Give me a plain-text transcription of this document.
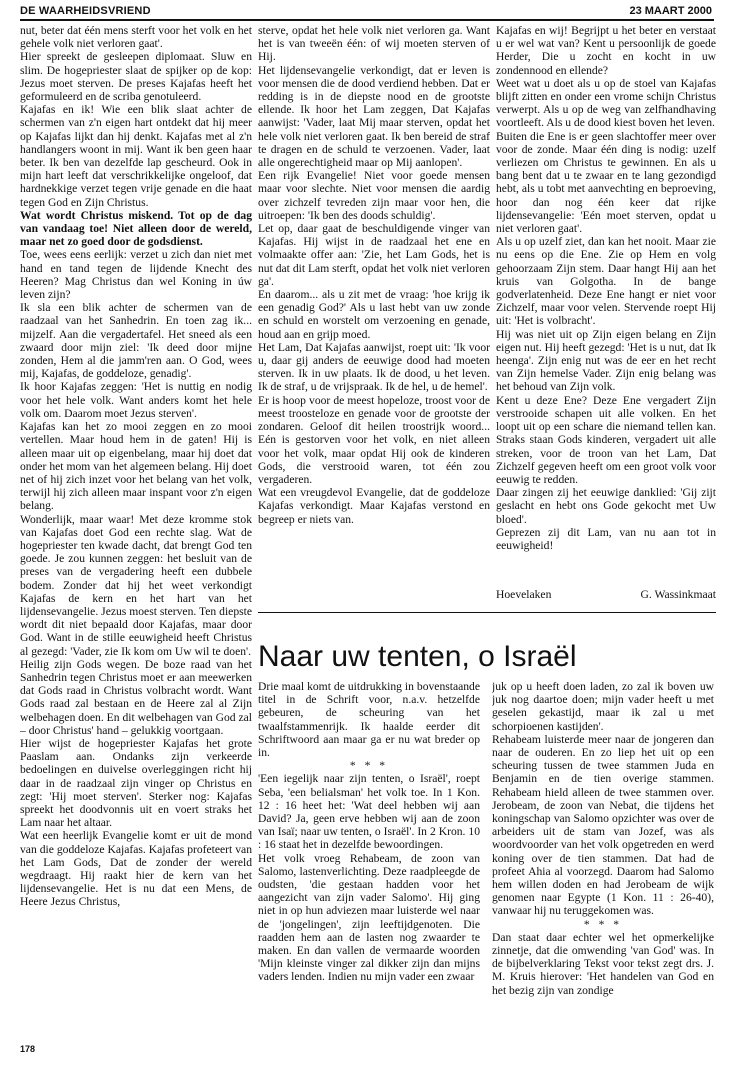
DE WAARHEIDSVRIEND	23 MAART 2000

nut, beter dat één mens sterft voor het volk en het gehele volk niet verloren gaat'.

Hier spreekt de gesleepen diplomaat. Sluw en slim. De hogepriester slaat de spijker op de kop: Jezus moet sterven. De preses Kajafas heeft het geformuleerd en de scriba genotuleerd.

Kajafas en ik! Wie een blik slaat achter de schermen van z'n eigen hart ontdekt dat hij meer op Kajafas lijkt dan hij denkt. Kajafas met al z'n handlangers woont in mij. Want ik ben geen haar beter. Ik ben van dezelfde lap gescheurd. Ook in mijn hart leeft dat verschrikkelijke ongeloof, dat hardnekkige verzet tegen vrije genade en die haat tegen God en Zijn Christus.

Wat wordt Christus miskend. Tot op de dag van vandaag toe! Niet alleen door de wereld, maar net zo goed door de godsdienst.

Toe, wees eens eerlijk: verzet u zich dan niet met hand en tand tegen de lijdende Knecht des Heeren? Mag Christus dan wel Koning in úw leven zijn?

Ik sla een blik achter de schermen van de raadzaal van het Sanhedrin. En toen zag ik... mijzelf. Aan die vergadertafel. Het sneed als een zwaard door mijn ziel: 'Ik deed door mijne zonden, Hem al die jamm'ren aan. O God, wees mij, Kajafas, de goddeloze, genadig'.

Ik hoor Kajafas zeggen: 'Het is nuttig en nodig voor het hele volk. Want anders komt het hele volk om. Daarom moet Jezus sterven'.

Kajafas kan het zo mooi zeggen en zo mooi vertellen. Maar houd hem in de gaten! Hij is alleen maar uit op eigenbelang, maar hij doet dat onder het mom van het algemeen belang. Hij doet net of hij zich inzet voor het belang van het volk, terwijl hij zich alleen maar inspant voor z'n eigen belang.

Wonderlijk, maar waar! Met deze kromme stok van Kajafas doet God een rechte slag. Wat de hogepriester ten kwade dacht, dat brengt God ten goede. Je zou kunnen zeggen: het besluit van de preses van de vergadering heeft een dubbele bodem. Zonder dat hij het weet verkondigt Kajafas de kern en het hart van het lijdensevangelie. Jezus moest sterven. Ten diepste wordt dit niet bepaald door Kajafas, maar door God. Want in de stille eeuwigheid heeft Christus al gezegd: 'Vader, zie Ik kom om Uw wil te doen'.

Heilig zijn Gods wegen. De boze raad van het Sanhedrin tegen Christus moet er aan meewerken dat Gods raad in Christus volbracht wordt. Want Gods raad zal bestaan en de Heere zal al Zijn welbehagen doen. En dit welbehagen van God zal – door Christus' hand – gelukkig voortgaan.

Hier wijst de hogepriester Kajafas het grote Paaslam aan. Ondanks zijn verkeerde bedoelingen en duivelse overleggingen richt hij daar in de raadzaal zijn vinger op Christus en zegt: 'Hij moet sterven'. Sterker nog: Kajafas spreekt het doodvonnis uit en voert straks het Lam naar het altaar.

Wat een heerlijk Evangelie komt er uit de mond van die goddeloze Kajafas. Kajafas profeteert van het Lam Gods, Dat de zonder der wereld wegdraagt. Hij raakt hier de kern van het lijdensevangelie. Het is nu dat een Mens, de Heere Jezus Christus,

sterve, opdat het hele volk niet verloren ga. Want het is van tweeën één: of wij moeten sterven of Hij.

Het lijdensevangelie verkondigt, dat er leven is voor mensen die de dood verdiend hebben. Dat er redding is in de diepste nood en de grootste ellende. Ik hoor het Lam zeggen, Dat Kajafas aanwijst: 'Vader, laat Mij maar sterven, opdat het hele volk niet verloren gaat. Ik ben bereid de straf te dragen en de schuld te verzoenen. Vader, laat alle ongerechtigheid maar op Mij aanlopen'.

Een rijk Evangelie! Niet voor goede mensen maar voor slechte. Niet voor mensen die aardig over zichzelf tevreden zijn maar voor hen, die uitroepen: 'Ik ben des doods schuldig'.

Let op, daar gaat de beschuldigende vinger van Kajafas. Hij wijst in de raadzaal het ene en volmaakte offer aan: 'Zie, het Lam Gods, het is nut dat dit Lam sterft, opdat het volk niet verloren ga'.

En daarom... als u zit met de vraag: 'hoe krijg ik een genadig God?' Als u last hebt van uw zonde en schuld en worstelt om verzoening en genade, houd aan en grijp moed.

Het Lam, Dat Kajafas aanwijst, roept uit: 'Ik voor u, daar gij anders de eeuwige dood had moeten sterven. Ik in uw plaats. Ik de dood, u het leven. Ik de straf, u de vrijspraak. Ik de hel, u de hemel'.

Er is hoop voor de meest hopeloze, troost voor de meest troosteloze en genade voor de grootste der zondaren. Geloof dit heilen troostrijk woord... Eén is gestorven voor het volk, en niet alleen voor het volk, maar opdat Hij ook de kinderen Gods, die verstrooid waren, tot één zou vergaderen.

Wat een vreugdevol Evangelie, dat de goddeloze Kajafas verkondigt. Maar Kajafas verstond en begreep er niets van.

Kajafas en wij! Begrijpt u het beter en verstaat u er wel wat van? Kent u persoonlijk de goede Herder, Die u zocht en kocht in uw zondennood en ellende?

Weet wat u doet als u op de stoel van Kajafas blijft zitten en onder een vrome schijn Christus verwerpt. Als u op de weg van zelfhandhaving voortleeft. Als u de dood kiest boven het leven.

Buiten die Ene is er geen slachtoffer meer over voor de zonde. Maar één ding is nodig: uzelf verliezen om Christus te gewinnen. En als u bang bent dat u te zwaar en te lang gezondigd hebt, als u tobt met aanvechting en beproeving, hoor dan nog één keer dat rijke lijdensevangelie: 'Eén moet sterven, opdat u niet verloren gaat'.

Als u op uzelf ziet, dan kan het nooit. Maar zie nu eens op die Ene. Zie op Hem en volg gehoorzaam Zijn stem. Daar hangt Hij aan het kruis van Golgotha. In de bange godverlatenheid. Deze Ene hangt er niet voor Zichzelf, maar voor velen. Stervende roept Hij uit: 'Het is volbracht'.

Hij was niet uit op Zijn eigen belang en Zijn eigen nut. Hij heeft gezegd: 'Het is u nut, dat Ik heenga'. Zijn enig nut was de eer en het recht van Zijn hemelse Vader. Zijn enig belang was het behoud van Zijn volk.

Kent u deze Ene? Deze Ene vergadert Zijn verstrooide schapen uit alle volken. En het loopt uit op een schare die niemand tellen kan. Straks staan Gods kinderen, vergadert uit alle streken, voor de troon van het Lam, Dat Zichzelf gegeven heeft om een groot volk voor eeuwig te redden.

Daar zingen zij het eeuwige danklied: 'Gij zijt geslacht en hebt ons Gode gekocht met Uw bloed'.

Geprezen zij dit Lam, van nu aan tot in eeuwigheid!

Hoevelaken	G. Wassinkmaat
Naar uw tenten, o Israël

Drie maal komt de uitdrukking in bovenstaande titel in de Schrift voor, n.a.v. hetzelfde gebeuren, de scheuring van het twaalfstammenrijk. Ik haalde eerder dit Schriftwoord aan maar ga er nu wat breder op in.

* * *

'Een iegelijk naar zijn tenten, o Israël', roept Seba, 'een belialsman' het volk toe. In 1 Kon. 12 : 16 heet het: 'Wat deel hebben wij aan David? Ja, geen erve hebben wij aan de zoon van Isaï; naar uw tenten, o Israël'. In 2 Kron. 10 : 16 staat het in dezelfde bewoordingen.

Het volk vroeg Rehabeam, de zoon van Salomo, lastenverlichting. Deze raadpleegde de oudsten, 'die gestaan hadden voor het aangezicht van zijn vader Salomo'. Hij ging niet in op hun adviezen maar luisterde wel naar de 'jongelingen', zijn leeftijdgenoten. Die raadden hem aan de lasten nog zwaarder te maken. En dan vallen de vermaarde woorden 'Mijn kleinste vinger zal dikker zijn dan mijns vaders lenden. Indien nu mijn vader een zwaar

juk op u heeft doen laden, zo zal ik boven uw juk nog daartoe doen; mijn vader heeft u met geselen gekastijd, maar ik zal u met schorpioenen kastijden'.

Rehabeam luisterde meer naar de jongeren dan naar de ouderen. En zo liep het uit op een scheuring tussen de twee stammen Juda en Benjamin en de tien overige stammen. Rehabeam hield alleen de twee stammen over. Jerobeam, de zoon van Nebat, die tijdens het koningschap van Salomo opzichter was over de arbeiders uit de stam van Jozef, was als woordvoorder van het volk opgetreden en werd koning over de tien stammen. Dat had de profeet Ahia al voorzegd. Daarom had Salomo hem willen doden en had Jerobeam de wijk genomen naar Egypte (1 Kon. 11 : 26-40), vanwaar hij nu teruggekomen was.

* * *

Dan staat daar echter wel het opmerkelijke zinnetje, dat die omwending 'van God' was. In de bijbelverklaring Tekst voor tekst zegt drs. J. M. Kruis hierover: 'Het handelen van God en het bezig zijn van zondige

178
